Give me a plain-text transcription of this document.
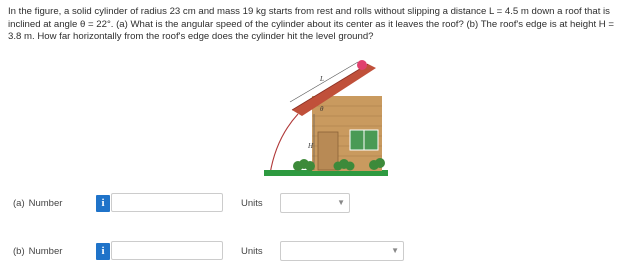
In the figure, a solid cylinder of radius 23 cm and mass 19 kg starts from rest and rolls without slipping a distance L = 4.5 m down a roof that is inclined at angle θ = 22°. (a) What is the angular speed of the cylinder about its center as it leaves the roof? (b) The roof's edge is at height H = 3.8 m. How far horizontally from the roof's edge does the cylinder hit the level ground?

L
θ
H
(a) Number	i	Units	▼
(b) Number	i	Units	▼
